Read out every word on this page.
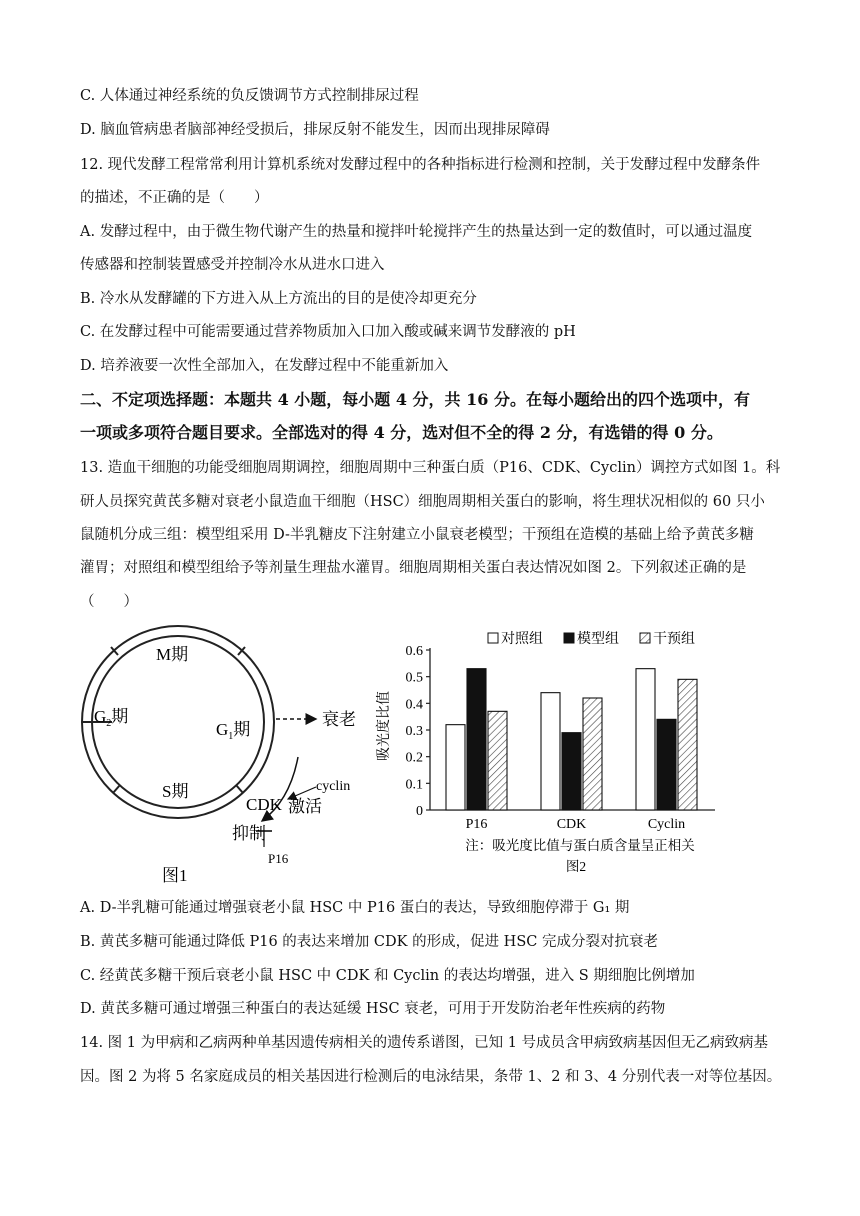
C. 人体通过神经系统的负反馈调节方式控制排尿过程
D. 脑血管病患者脑部神经受损后，排尿反射不能发生，因而出现排尿障碍
12. 现代发酵工程常常利用计算机系统对发酵过程中的各种指标进行检测和控制，关于发酵过程中发酵条件
的描述，不正确的是（　　）
A. 发酵过程中，由于微生物代谢产生的热量和搅拌叶轮搅拌产生的热量达到一定的数值时，可以通过温度
传感器和控制装置感受并控制冷水从进水口进入
B. 冷水从发酵罐的下方进入从上方流出的目的是使冷却更充分
C. 在发酵过程中可能需要通过营养物质加入口加入酸或碱来调节发酵液的 pH
D. 培养液要一次性全部加入，在发酵过程中不能重新加入
二、不定项选择题：本题共 4 小题，每小题 4 分，共 16 分。在每小题给出的四个选项中，有
一项或多项符合题目要求。全部选对的得 4 分，选对但不全的得 2 分，有选错的得 0 分。
13. 造血干细胞的功能受细胞周期调控，细胞周期中三种蛋白质（P16、CDK、Cyclin）调控方式如图 1。科
研人员探究黄芪多糖对衰老小鼠造血干细胞（HSC）细胞周期相关蛋白的影响，将生理状况相似的 60 只小
鼠随机分成三组：模型组采用 D-半乳糖皮下注射建立小鼠衰老模型；干预组在造模的基础上给予黄芪多糖
灌胃；对照组和模型组给予等剂量生理盐水灌胃。细胞周期相关蛋白表达情况如图 2。下列叙述正确的是
（　　）
M期
$G_2$期
$G_1$期
S期
衰老
cyclin
CDK 激活
抑制
P16
图1
对照组 模型组 干预组
吸光度比值
0
0.1
0.2
0.3
0.4
0.5
0.6
P16	CDK	Cyclin
注：吸光度比值与蛋白质含量呈正相关
图2
A. D-半乳糖可能通过增强衰老小鼠 HSC 中 P16 蛋白的表达，导致细胞停滞于 G₁ 期
B. 黄芪多糖可能通过降低 P16 的表达来增加 CDK 的形成，促进 HSC 完成分裂对抗衰老
C. 经黄芪多糖干预后衰老小鼠 HSC 中 CDK 和 Cyclin 的表达均增强，进入 S 期细胞比例增加
D. 黄芪多糖可通过增强三种蛋白的表达延缓 HSC 衰老，可用于开发防治老年性疾病的药物
14. 图 1 为甲病和乙病两种单基因遗传病相关的遗传系谱图，已知 1 号成员含甲病致病基因但无乙病致病基
因。图 2 为将 5 名家庭成员的相关基因进行检测后的电泳结果，条带 1、2 和 3、4 分别代表一对等位基因。
